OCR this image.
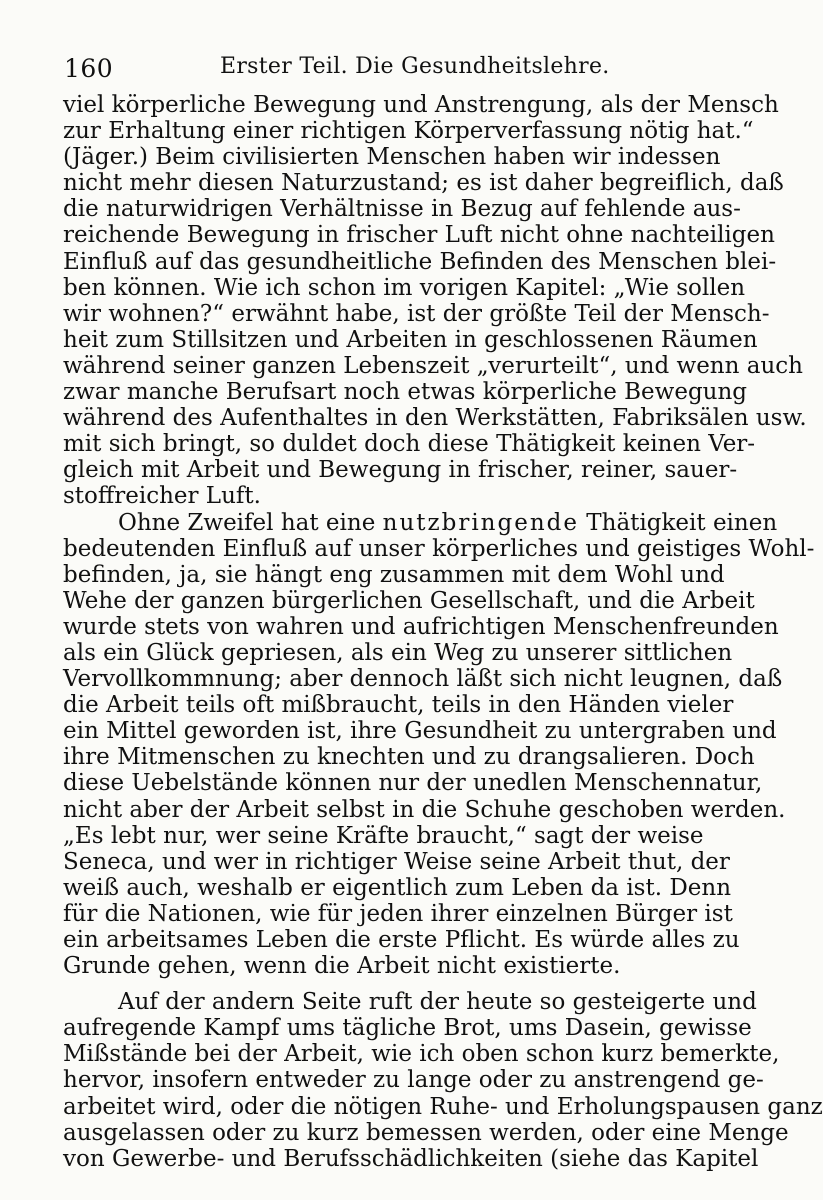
160	Erster Teil. Die Gesundheitslehre.
viel körperliche Bewegung und Anstrengung, als der Mensch
zur Erhaltung einer richtigen Körperverfassung nötig hat.“
(Jäger.) Beim civilisierten Menschen haben wir indessen
nicht mehr diesen Naturzustand; es ist daher begreiflich, daß
die naturwidrigen Verhältnisse in Bezug auf fehlende aus-
reichende Bewegung in frischer Luft nicht ohne nachteiligen
Einfluß auf das gesundheitliche Befinden des Menschen blei-
ben können. Wie ich schon im vorigen Kapitel: „Wie sollen
wir wohnen?“ erwähnt habe, ist der größte Teil der Mensch-
heit zum Stillsitzen und Arbeiten in geschlossenen Räumen
während seiner ganzen Lebenszeit „verurteilt“, und wenn auch
zwar manche Berufsart noch etwas körperliche Bewegung
während des Aufenthaltes in den Werkstätten, Fabriksälen usw.
mit sich bringt, so duldet doch diese Thätigkeit keinen Ver-
gleich mit Arbeit und Bewegung in frischer, reiner, sauer-
stoffreicher Luft.
Ohne Zweifel hat eine nutzbringende Thätigkeit einen
bedeutenden Einfluß auf unser körperliches und geistiges Wohl-
befinden, ja, sie hängt eng zusammen mit dem Wohl und
Wehe der ganzen bürgerlichen Gesellschaft, und die Arbeit
wurde stets von wahren und aufrichtigen Menschenfreunden
als ein Glück gepriesen, als ein Weg zu unserer sittlichen
Vervollkommnung; aber dennoch läßt sich nicht leugnen, daß
die Arbeit teils oft mißbraucht, teils in den Händen vieler
ein Mittel geworden ist, ihre Gesundheit zu untergraben und
ihre Mitmenschen zu knechten und zu drangsalieren. Doch
diese Uebelstände können nur der unedlen Menschennatur,
nicht aber der Arbeit selbst in die Schuhe geschoben werden.
„Es lebt nur, wer seine Kräfte braucht,“ sagt der weise
Seneca, und wer in richtiger Weise seine Arbeit thut, der
weiß auch, weshalb er eigentlich zum Leben da ist. Denn
für die Nationen, wie für jeden ihrer einzelnen Bürger ist
ein arbeitsames Leben die erste Pflicht. Es würde alles zu
Grunde gehen, wenn die Arbeit nicht existierte.
Auf der andern Seite ruft der heute so gesteigerte und
aufregende Kampf ums tägliche Brot, ums Dasein, gewisse
Mißstände bei der Arbeit, wie ich oben schon kurz bemerkte,
hervor, insofern entweder zu lange oder zu anstrengend ge-
arbeitet wird, oder die nötigen Ruhe- und Erholungspausen ganz
ausgelassen oder zu kurz bemessen werden, oder eine Menge
von Gewerbe- und Berufsschädlichkeiten (siehe das Kapitel
